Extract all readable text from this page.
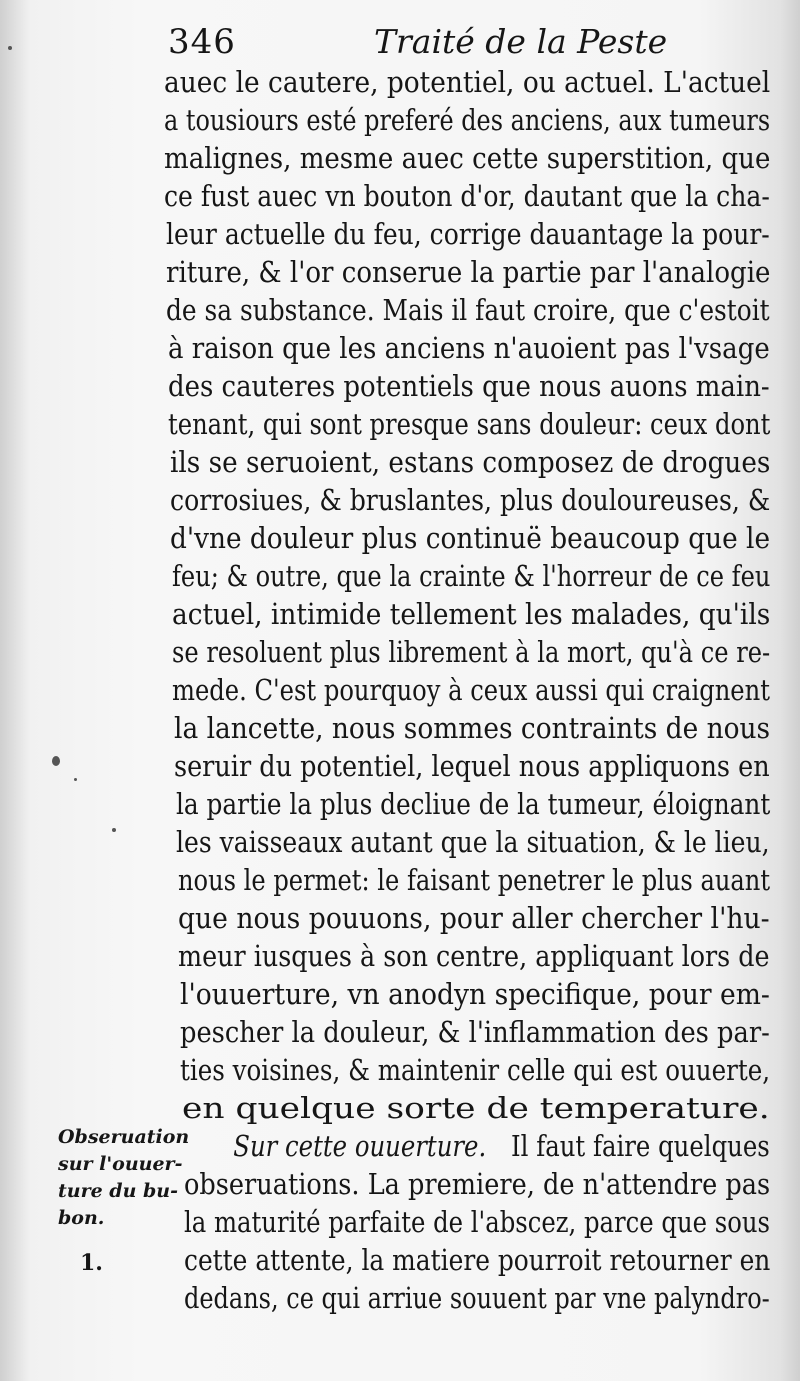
346	Traité de la Peste
auec le cautere, potentiel, ou actuel. L'actuel
a tousiours esté preferé des anciens, aux tumeurs
malignes, mesme auec cette superstition, que
ce fust auec vn bouton d'or, dautant que la cha-
leur actuelle du feu, corrige dauantage la pour-
riture, & l'or conserue la partie par l'analogie
de sa substance. Mais il faut croire, que c'estoit
à raison que les anciens n'auoient pas l'vsage
des cauteres potentiels que nous auons main-
tenant, qui sont presque sans douleur: ceux dont
ils se seruoient, estans composez de drogues
corrosiues, & bruslantes, plus douloureuses, &
d'vne douleur plus continuë beaucoup que le
feu; & outre, que la crainte & l'horreur de ce feu
actuel, intimide tellement les malades, qu'ils
se resoluent plus librement à la mort, qu'à ce re-
mede. C'est pourquoy à ceux aussi qui craignent
la lancette, nous sommes contraints de nous
seruir du potentiel, lequel nous appliquons en
la partie la plus decliue de la tumeur, éloignant
les vaisseaux autant que la situation, & le lieu,
nous le permet: le faisant penetrer le plus auant
que nous pouuons, pour aller chercher l'hu-
meur iusques à son centre, appliquant lors de
l'ouuerture, vn anodyn specifique, pour em-
pescher la douleur, & l'inflammation des par-
ties voisines, & maintenir celle qui est ouuerte,
en quelque sorte de temperature.
Sur cette ouuerture. Il faut faire quelques
obseruations. La premiere, de n'attendre pas
la maturité parfaite de l'abscez, parce que sous
cette attente, la matiere pourroit retourner en
dedans, ce qui arriue souuent par vne palyndro-
Obseruation
sur l'ouuer-
ture du bu-
bon.
1.
